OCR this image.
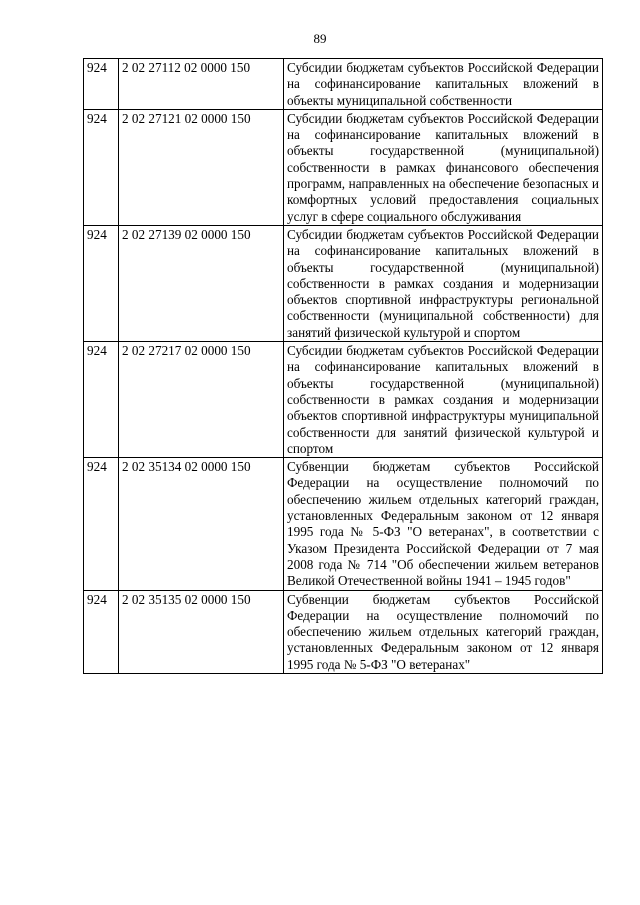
89
924	2 02 27112 02 0000 150	Субсидии бюджетам субъектов Российской Федерации на софинансирование капитальных вложений в объекты муниципальной собственности
924	2 02 27121 02 0000 150	Субсидии бюджетам субъектов Российской Федерации на софинансирование капитальных вложений в объекты государственной (муниципальной) собственности в рамках финансового обеспечения программ, направленных на обеспечение безопасных и комфортных условий предоставления социальных услуг в сфере социального обслуживания
924	2 02 27139 02 0000 150	Субсидии бюджетам субъектов Российской Федерации на софинансирование капитальных вложений в объекты государственной (муниципальной) собственности в рамках создания и модернизации объектов спортивной инфраструктуры региональной собственности (муниципальной собственности) для занятий физической культурой и спортом
924	2 02 27217 02 0000 150	Субсидии бюджетам субъектов Российской Федерации на софинансирование капитальных вложений в объекты государственной (муниципальной) собственности в рамках создания и модернизации объектов спортивной инфраструктуры муниципальной собственности для занятий физической культурой и спортом
924	2 02 35134 02 0000 150	Субвенции бюджетам субъектов Российской Федерации на осуществление полномочий по обеспечению жильем отдельных категорий граждан, установленных Федеральным законом от 12 января 1995 года № 5-ФЗ "О ветеранах", в соответствии с Указом Президента Российской Федерации от 7 мая 2008 года № 714 "Об обеспечении жильем ветеранов Великой Отечественной войны 1941 – 1945 годов"
924	2 02 35135 02 0000 150	Субвенции бюджетам субъектов Российской Федерации на осуществление полномочий по обеспечению жильем отдельных категорий граждан, установленных Федеральным законом от 12 января 1995 года № 5-ФЗ "О ветеранах"
